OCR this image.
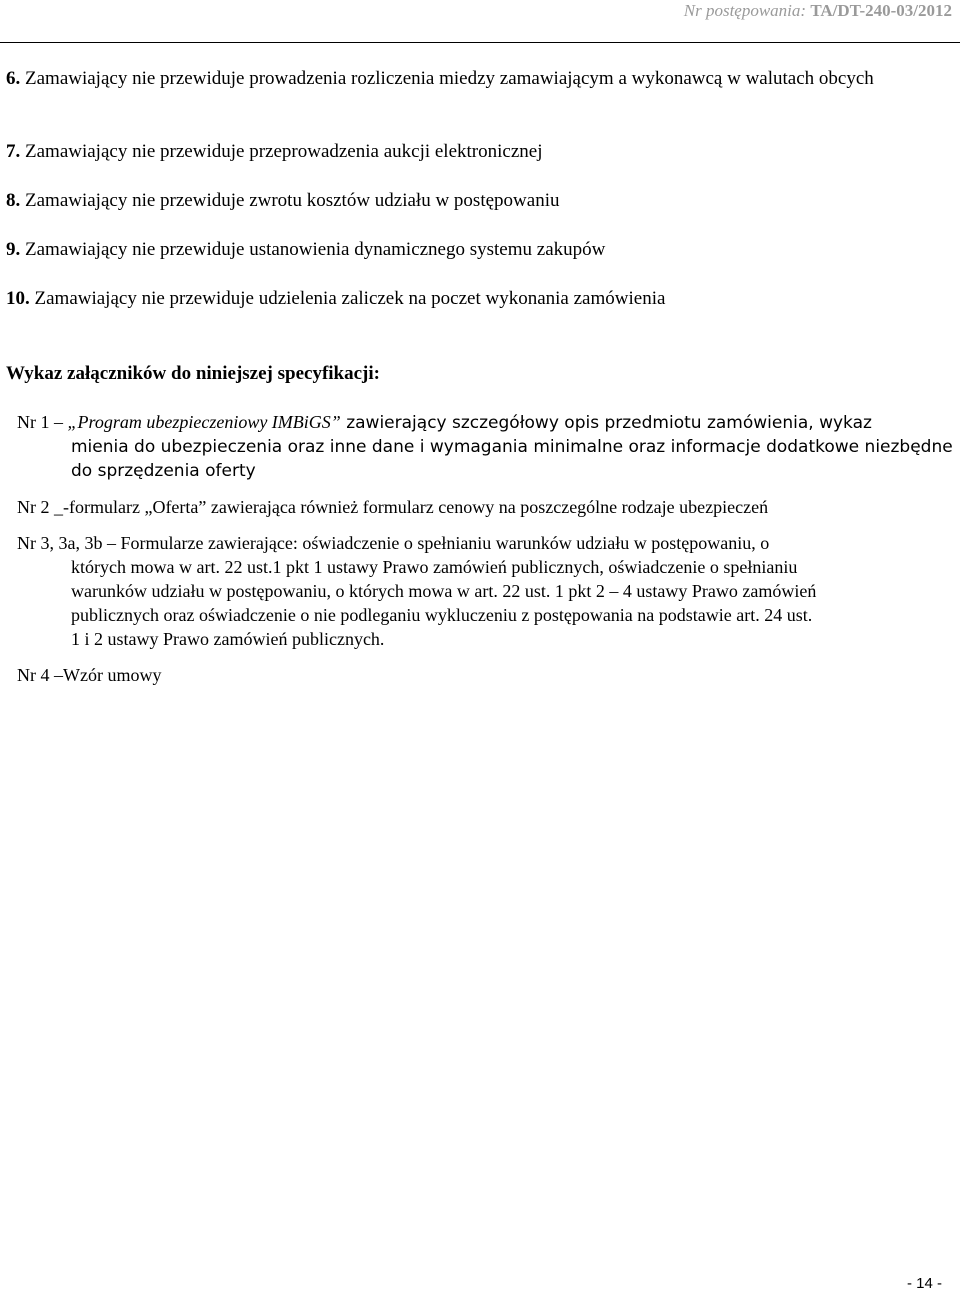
Nr postępowania: TA/DT-240-03/2012
6. Zamawiający nie przewiduje prowadzenia rozliczenia miedzy zamawiającym a wykonawcą w walutach obcych
7. Zamawiający nie przewiduje przeprowadzenia aukcji elektronicznej
8. Zamawiający nie przewiduje zwrotu kosztów udziału w postępowaniu
9. Zamawiający nie przewiduje ustanowienia dynamicznego systemu zakupów
10. Zamawiający nie przewiduje udzielenia zaliczek na poczet wykonania zamówienia
Wykaz załączników do niniejszej specyfikacji:
Nr 1 – „Program ubezpieczeniowy IMBiGS” zawierający szczegółowy opis przedmiotu zamówienia, wykaz
mienia do ubezpieczenia oraz inne dane i wymagania minimalne oraz informacje dodatkowe niezbędne
do sprzędzenia oferty
Nr 2 _-formularz „Oferta” zawierająca również formularz cenowy na poszczególne rodzaje ubezpieczeń
Nr 3, 3a, 3b – Formularze zawierające: oświadczenie o spełnianiu warunków udziału w postępowaniu, o
których mowa w art. 22 ust.1 pkt 1 ustawy Prawo zamówień publicznych, oświadczenie o spełnianiu
warunków udziału w postępowaniu, o których mowa w art. 22 ust. 1 pkt 2 – 4 ustawy Prawo zamówień
publicznych oraz oświadczenie o nie podleganiu wykluczeniu z postępowania na podstawie art. 24 ust.
1 i 2 ustawy Prawo zamówień publicznych.
Nr 4 –Wzór umowy
- 14 -
